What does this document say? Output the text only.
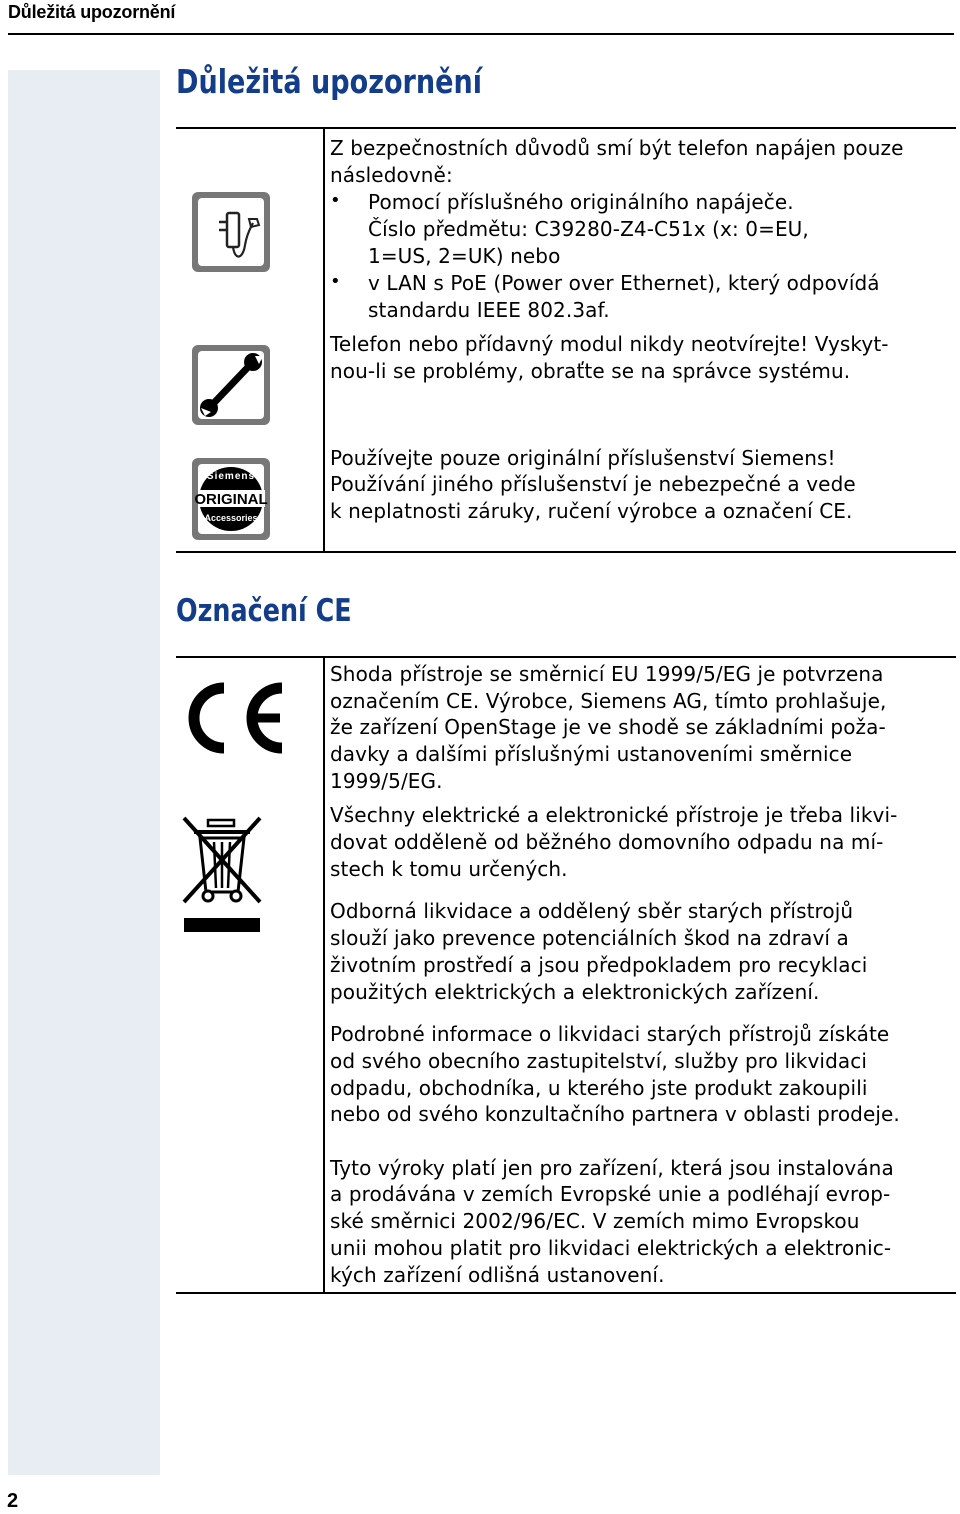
Důležitá upozornění
2
Důležitá upozornění
Siemens
ORIGINAL
Accessories
Z bezpečnostních důvodů smí být telefon napájen pouze
následovně:
• Pomocí příslušného originálního napáječe.
Číslo předmětu: C39280-Z4-C51x (x: 0=EU,
1=US, 2=UK) nebo
• v LAN s PoE (Power over Ethernet), který odpovídá
standardu IEEE 802.3af.
Telefon nebo přídavný modul nikdy neotvírejte! Vyskyt-
nou-li se problémy, obraťte se na správce systému.
Používejte pouze originální příslušenství Siemens!
Používání jiného příslušenství je nebezpečné a vede
k neplatnosti záruky, ručení výrobce a označení CE.
Označení CE
Shoda přístroje se směrnicí EU 1999/5/EG je potvrzena
označením CE. Výrobce, Siemens AG, tímto prohlašuje,
že zařízení OpenStage je ve shodě se základními poža-
davky a dalšími příslušnými ustanoveními směrnice
1999/5/EG.
Všechny elektrické a elektronické přístroje je třeba likvi-
dovat odděleně od běžného domovního odpadu na mí-
stech k tomu určených.
Odborná likvidace a oddělený sběr starých přístrojů
slouží jako prevence potenciálních škod na zdraví a
životním prostředí a jsou předpokladem pro recyklaci
použitých elektrických a elektronických zařízení.
Podrobné informace o likvidaci starých přístrojů získáte
od svého obecního zastupitelství, služby pro likvidaci
odpadu, obchodníka, u kterého jste produkt zakoupili
nebo od svého konzultačního partnera v oblasti prodeje.
Tyto výroky platí jen pro zařízení, která jsou instalována
a prodávána v zemích Evropské unie a podléhají evrop-
ské směrnici 2002/96/EC. V zemích mimo Evropskou
unii mohou platit pro likvidaci elektrických a elektronic-
kých zařízení odlišná ustanovení.
